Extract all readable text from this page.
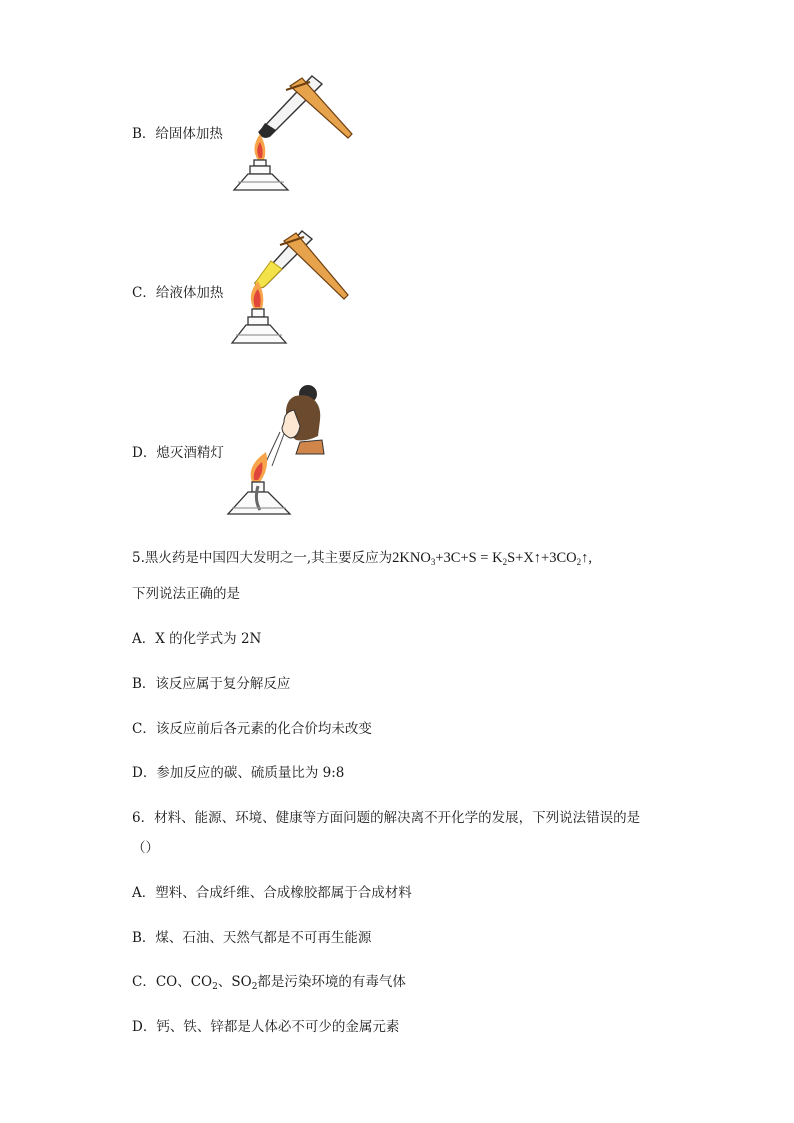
B．给固体加热
C．给液体加热
D．熄灭酒精灯
5.黑火药是中国四大发明之一,其主要反应为$2KNO_3+3C+S$ = $K_2S+X↑+3CO_2↑$,
下列说法正确的是
A．X 的化学式为 2N
B．该反应属于复分解反应
C．该反应前后各元素的化合价均未改变
D．参加反应的碳、硫质量比为 9:8
6．材料、能源、环境、健康等方面问题的解决离不开化学的发展，下列说法错误的是
（）
A．塑料、合成纤维、合成橡胶都属于合成材料
B．煤、石油、天然气都是不可再生能源
C．CO、$CO_2$、$SO_2$都是污染环境的有毒气体
D．钙、铁、锌都是人体必不可少的金属元素
